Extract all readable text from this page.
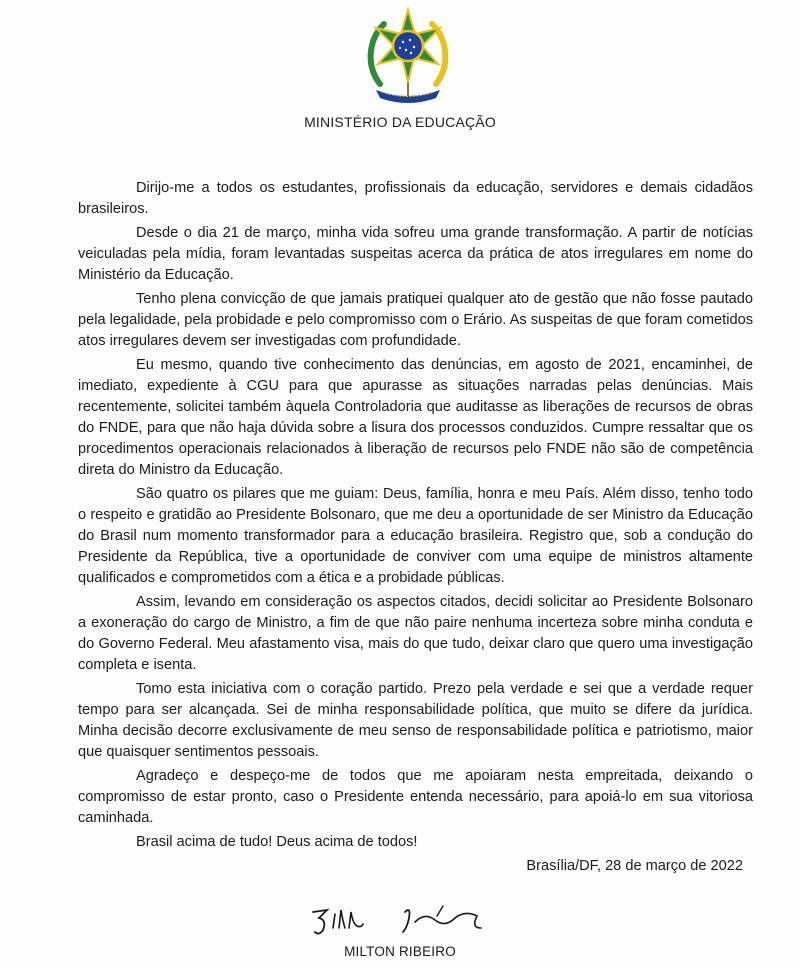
MINISTÉRIO DA EDUCAÇÃO

Dirijo-me a todos os estudantes, profissionais da educação, servidores e demais cidadãos brasileiros.

Desde o dia 21 de março, minha vida sofreu uma grande transformação. A partir de notícias veiculadas pela mídia, foram levantadas suspeitas acerca da prática de atos irregulares em nome do Ministério da Educação.

Tenho plena convicção de que jamais pratiquei qualquer ato de gestão que não fosse pautado pela legalidade, pela probidade e pelo compromisso com o Erário. As suspeitas de que foram cometidos atos irregulares devem ser investigadas com profundidade.

Eu mesmo, quando tive conhecimento das denúncias, em agosto de 2021, encaminhei, de imediato, expediente à CGU para que apurasse as situações narradas pelas denúncias. Mais recentemente, solicitei também àquela Controladoria que auditasse as liberações de recursos de obras do FNDE, para que não haja dúvida sobre a lisura dos processos conduzidos. Cumpre ressaltar que os procedimentos operacionais relacionados à liberação de recursos pelo FNDE não são de competência direta do Ministro da Educação.

São quatro os pilares que me guiam: Deus, família, honra e meu País. Além disso, tenho todo o respeito e gratidão ao Presidente Bolsonaro, que me deu a oportunidade de ser Ministro da Educação do Brasil num momento transformador para a educação brasileira. Registro que, sob a condução do Presidente da República, tive a oportunidade de conviver com uma equipe de ministros altamente qualificados e comprometidos com a ética e a probidade públicas.

Assim, levando em consideração os aspectos citados, decidi solicitar ao Presidente Bolsonaro a exoneração do cargo de Ministro, a fim de que não paire nenhuma incerteza sobre minha conduta e do Governo Federal. Meu afastamento visa, mais do que tudo, deixar claro que quero uma investigação completa e isenta.

Tomo esta iniciativa com o coração partido. Prezo pela verdade e sei que a verdade requer tempo para ser alcançada. Sei de minha responsabilidade política, que muito se difere da jurídica. Minha decisão decorre exclusivamente de meu senso de responsabilidade política e patriotismo, maior que quaisquer sentimentos pessoais.

Agradeço e despeço-me de todos que me apoiaram nesta empreitada, deixando o compromisso de estar pronto, caso o Presidente entenda necessário, para apoiá-lo em sua vitoriosa caminhada.

Brasil acima de tudo! Deus acima de todos!

Brasília/DF, 28 de março de 2022
MILTON RIBEIRO
